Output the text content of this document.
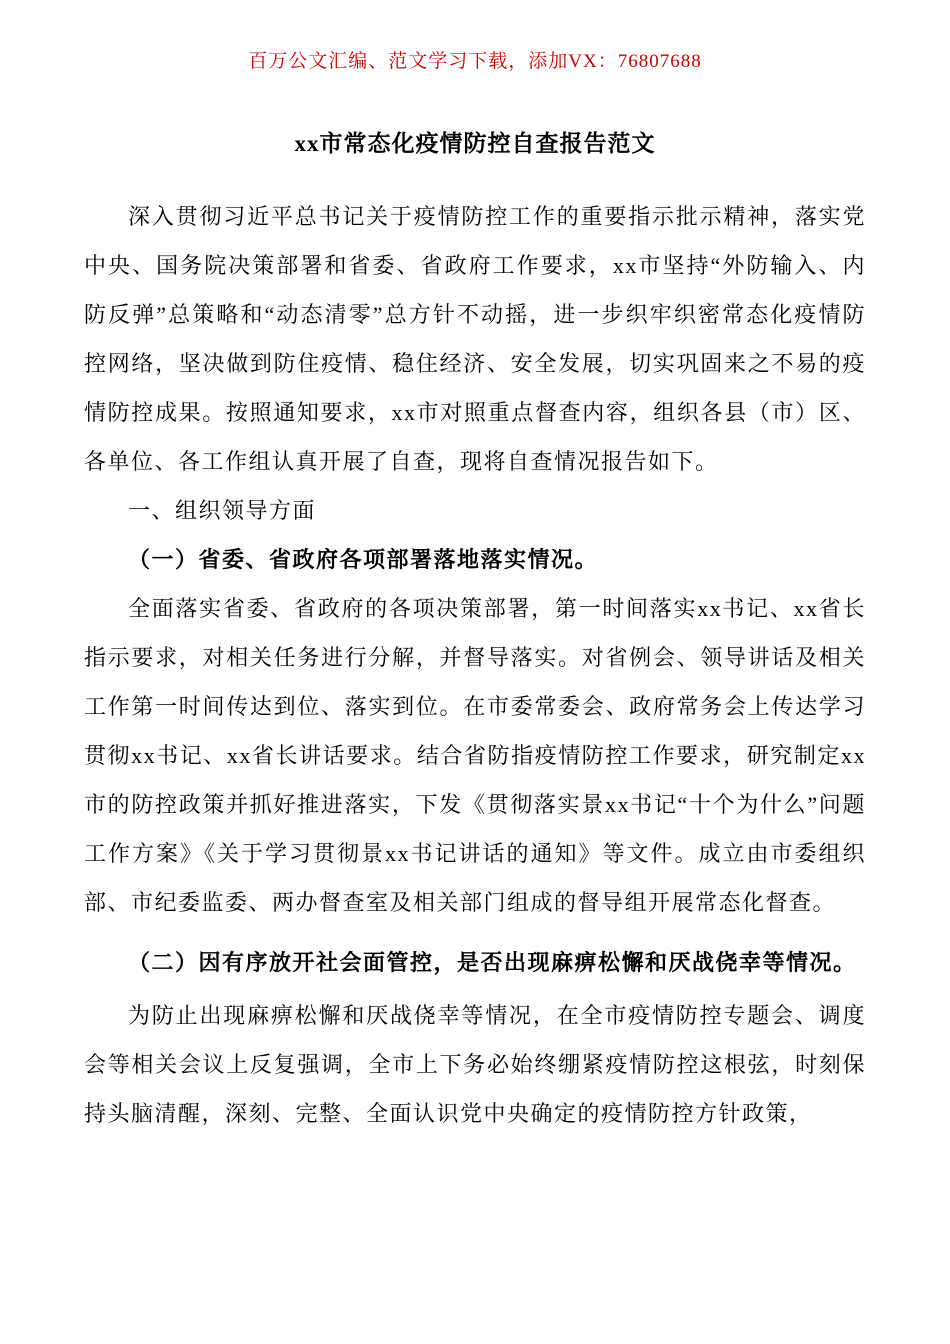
百万公文汇编、范文学习下载，添加VX：76807688
xx市常态化疫情防控自查报告范文

深入贯彻习近平总书记关于疫情防控工作的重要指示批示精神，落实党中央、国务院决策部署和省委、省政府工作要求，xx市坚持“外防输入、内防反弹”总策略和“动态清零”总方针不动摇，进一步织牢织密常态化疫情防控网络，坚决做到防住疫情、稳住经济、安全发展，切实巩固来之不易的疫情防控成果。按照通知要求，xx市对照重点督查内容，组织各县（市）区、各单位、各工作组认真开展了自查，现将自查情况报告如下。

一、组织领导方面

（一）省委、省政府各项部署落地落实情况。

全面落实省委、省政府的各项决策部署，第一时间落实xx书记、xx省长指示要求，对相关任务进行分解，并督导落实。对省例会、领导讲话及相关工作第一时间传达到位、落实到位。在市委常委会、政府常务会上传达学习贯彻xx书记、xx省长讲话要求。结合省防指疫情防控工作要求，研究制定xx市的防控政策并抓好推进落实，下发《贯彻落实景xx书记“十个为什么”问题工作方案》《关于学习贯彻景xx书记讲话的通知》等文件。成立由市委组织部、市纪委监委、两办督查室及相关部门组成的督导组开展常态化督查。

（二）因有序放开社会面管控，是否出现麻痹松懈和厌战侥幸等情况。

为防止出现麻痹松懈和厌战侥幸等情况，在全市疫情防控专题会、调度会等相关会议上反复强调，全市上下务必始终绷紧疫情防控这根弦，时刻保持头脑清醒，深刻、完整、全面认识党中央确定的疫情防控方针政策，
